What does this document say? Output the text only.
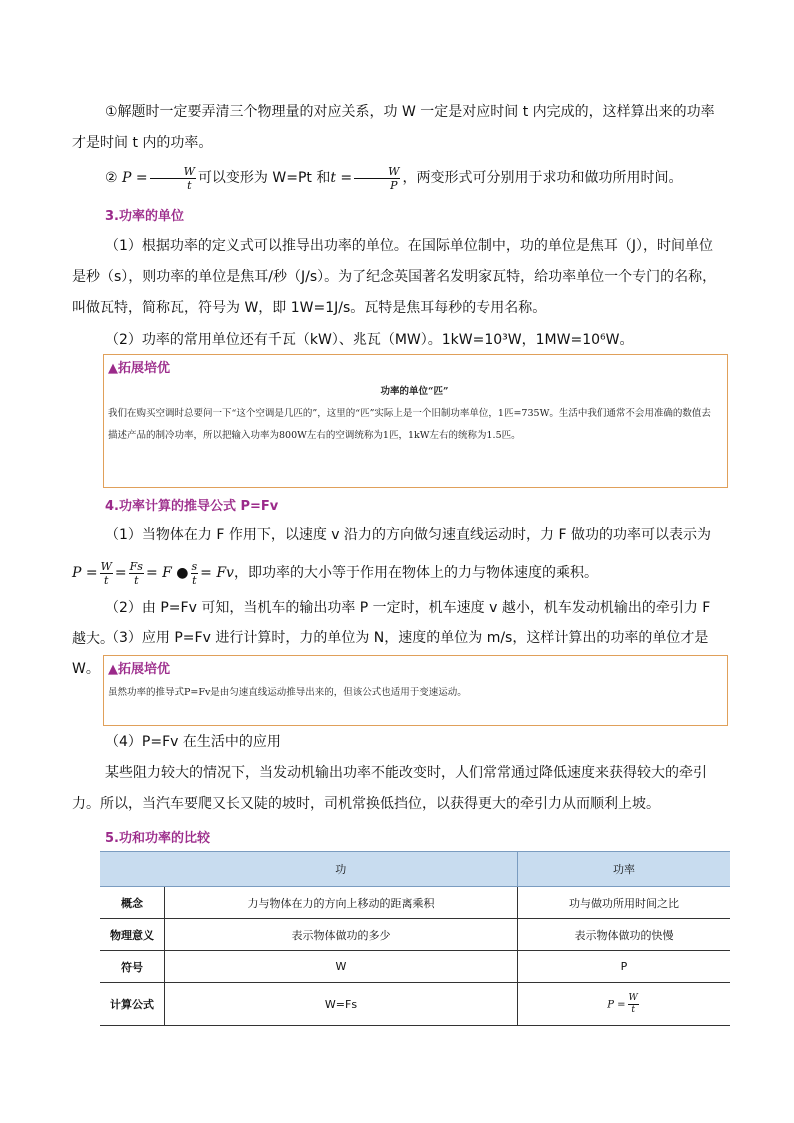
①解题时一定要弄清三个物理量的对应关系，功 W 一定是对应时间 t 内完成的，这样算出来的功率才是时间 t 内的功率。

② $P = \frac{W}{t}$ 可以变形为 W=Pt 和$t = \frac{W}{P}$ ，两变形式可分别用于求功和做功所用时间。

3.功率的单位

（1）根据功率的定义式可以推导出功率的单位。在国际单位制中，功的单位是焦耳（J），时间单位是秒（s），则功率的单位是焦耳/秒（J/s）。为了纪念英国著名发明家瓦特，给功率单位一个专门的名称，叫做瓦特，简称瓦，符号为 W，即 1W=1J/s。瓦特是焦耳每秒的专用名称。

（2）功率的常用单位还有千瓦（kW）、兆瓦（MW）。1kW=10³W，1MW=10⁶W。

▲拓展培优
功率的单位“匹”
我们在购买空调时总要问一下“这个空调是几匹的”，这里的“匹”实际上是一个旧制功率单位，1匹=735W。生活中我们通常不会用准确的数值去描述产品的制冷功率，所以把输入功率为800W左右的空调统称为1匹，1kW左右的统称为1.5匹。
4.功率计算的推导公式 P=Fv

（1）当物体在力 F 作用下，以速度 v 沿力的方向做匀速直线运动时，力 F 做功的功率可以表示为

$P = \frac{W}{t} = \frac{Fs}{t} = F$ ● $\frac{s}{t} = Fv$，即功率的大小等于作用在物体上的力与物体速度的乘积。

（2）由 P=Fv 可知，当机车的输出功率 P 一定时，机车速度 v 越小，机车发动机输出的牵引力 F 越大。

（3）应用 P=Fv 进行计算时，力的单位为 N，速度的单位为 m/s，这样计算出的功率的单位才是 W。 ▲拓展培优
虽然功率的推导式P=Fv是由匀速直线运动推导出来的，但该公式也适用于变速运动。

（4）P=Fv 在生活中的应用

某些阻力较大的情况下，当发动机输出功率不能改变时，人们常常通过降低速度来获得较大的牵引力。所以，当汽车要爬又长又陡的坡时，司机常换低挡位，以获得更大的牵引力从而顺利上坡。

5.功和功率的比较
	功	功率
概念	力与物体在力的方向上移动的距离乘积	功与做功所用时间之比
物理意义	表示物体做功的多少	表示物体做功的快慢
符号	W	P
计算公式	W=Fs	$P = \frac{W}{t}$
